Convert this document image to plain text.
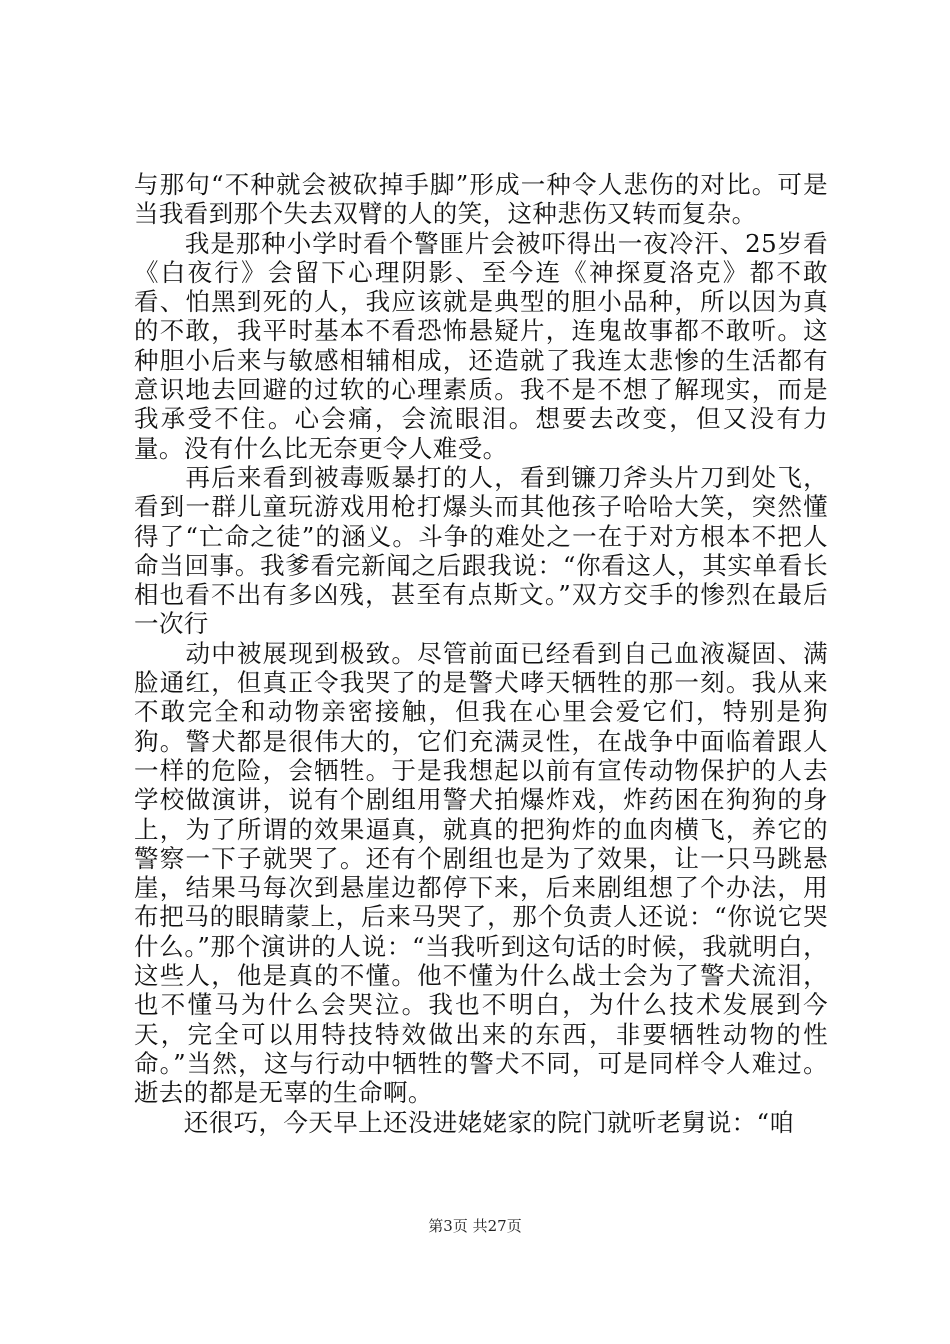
与那句“不种就会被砍掉手脚”形成一种令人悲伤的对比。可是当我看到那个失去双臂的人的笑，这种悲伤又转而复杂。

　　我是那种小学时看个警匪片会被吓得出一夜冷汗、25岁看《白夜行》会留下心理阴影、至今连《神探夏洛克》都不敢看、怕黑到死的人，我应该就是典型的胆小品种，所以因为真的不敢，我平时基本不看恐怖悬疑片，连鬼故事都不敢听。这种胆小后来与敏感相辅相成，还造就了我连太悲惨的生活都有意识地去回避的过软的心理素质。我不是不想了解现实，而是我承受不住。心会痛，会流眼泪。想要去改变，但又没有力量。没有什么比无奈更令人难受。

　　再后来看到被毒贩暴打的人，看到镰刀斧头片刀到处飞，看到一群儿童玩游戏用枪打爆头而其他孩子哈哈大笑，突然懂得了“亡命之徒”的涵义。斗争的难处之一在于对方根本不把人命当回事。我爹看完新闻之后跟我说：“你看这人，其实单看长相也看不出有多凶残，甚至有点斯文。”双方交手的惨烈在最后一次行

　　动中被展现到极致。尽管前面已经看到自己血液凝固、满脸通红，但真正令我哭了的是警犬哮天牺牲的那一刻。我从来不敢完全和动物亲密接触，但我在心里会爱它们，特别是狗狗。警犬都是很伟大的，它们充满灵性，在战争中面临着跟人一样的危险，会牺牲。于是我想起以前有宣传动物保护的人去学校做演讲，说有个剧组用警犬拍爆炸戏，炸药困在狗狗的身上，为了所谓的效果逼真，就真的把狗炸的血肉横飞，养它的警察一下子就哭了。还有个剧组也是为了效果，让一只马跳悬崖，结果马每次到悬崖边都停下来，后来剧组想了个办法，用布把马的眼睛蒙上，后来马哭了，那个负责人还说：“你说它哭什么。”那个演讲的人说：“当我听到这句话的时候，我就明白，这些人，他是真的不懂。他不懂为什么战士会为了警犬流泪，也不懂马为什么会哭泣。我也不明白，为什么技术发展到今天，完全可以用特技特效做出来的东西，非要牺牲动物的性命。”当然，这与行动中牺牲的警犬不同，可是同样令人难过。逝去的都是无辜的生命啊。

　　还很巧，今天早上还没进姥姥家的院门就听老舅说：“咱

第3页 共27页
